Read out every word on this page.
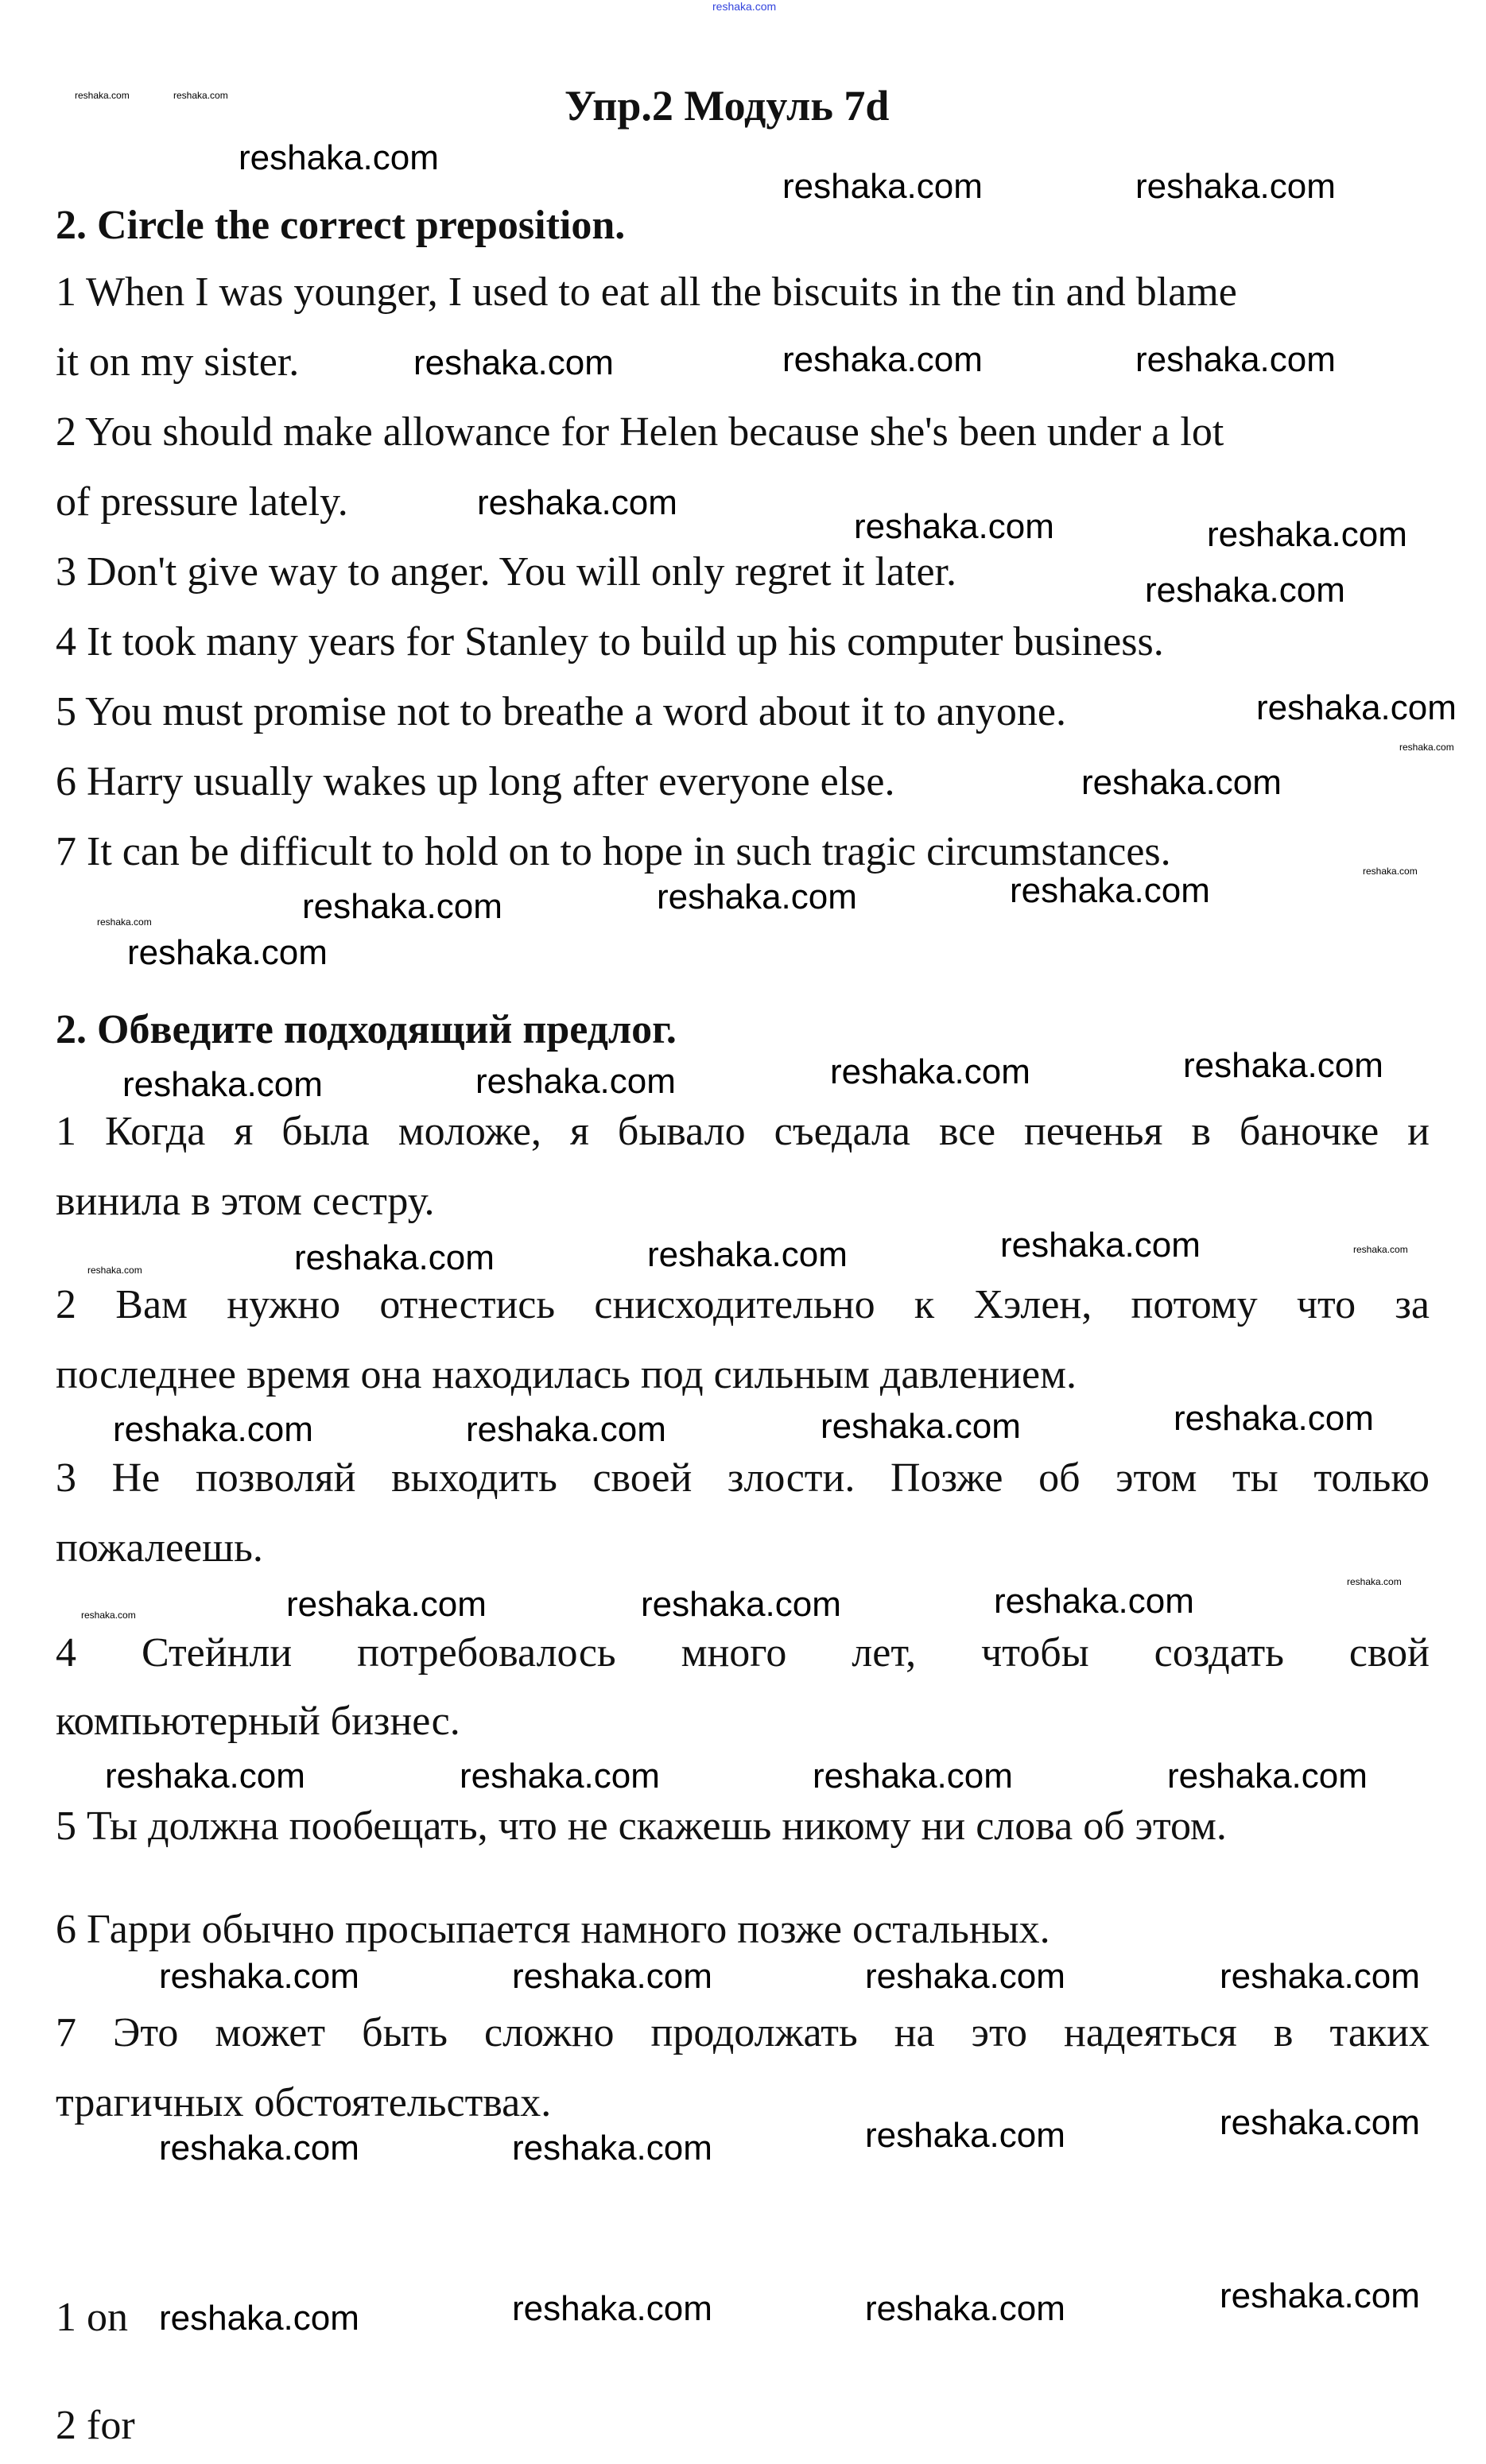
reshaka.com
Упр.2 Модуль 7d
2. Circle the correct preposition.
1 When I was younger, I used to eat all the biscuits in the tin and blame
it on my sister.
2 You should make allowance for Helen because she's been under a lot
of pressure lately.
3 Don't give way to anger. You will only regret it later.
4 It took many years for Stanley to build up his computer business.
5 You must promise not to breathe a word about it to anyone.
6 Harry usually wakes up long after everyone else.
7 It can be difficult to hold on to hope in such tragic circumstances.
2. Обведите подходящий предлог.
1 Когда я была моложе, я бывало съедала все печенья в баночке и
винила в этом сестру.
2 Вам нужно отнестись снисходительно к Хэлен, потому что за
последнее время она находилась под сильным давлением.
3 Не позволяй выходить своей злости. Позже об этом ты только
пожалеешь.
4 Стейнли потребовалось много лет, чтобы создать свой
компьютерный бизнес.
5 Ты должна пообещать, что не скажешь никому ни слова об этом.
6 Гарри обычно просыпается намного позже остальных.
7 Это может быть сложно продолжать на это надеяться в таких
трагичных обстоятельствах.
1 on
2 for
reshaka.com
reshaka.com	reshaka.com
reshaka.com	reshaka.com	reshaka.com
reshaka.com
reshaka.com
reshaka.com	reshaka.com
reshaka.com
reshaka.com
reshaka.com
reshaka.com	reshaka.com	reshaka.com
reshaka.com	reshaka.com	reshaka.com	reshaka.com
reshaka.com	reshaka.com	reshaka.com
reshaka.com	reshaka.com	reshaka.com	reshaka.com
reshaka.com	reshaka.com	reshaka.com
reshaka.com	reshaka.com	reshaka.com	reshaka.com
reshaka.com
reshaka.com	reshaka.com	reshaka.com
reshaka.com
reshaka.com	reshaka.com	reshaka.com
reshaka.com
reshaka.com	reshaka.com	reshaka.com
reshaka.com	reshaka.com
reshaka.com
reshaka.com
reshaka.com
reshaka.com
reshaka.com
reshaka.com
reshaka.com
